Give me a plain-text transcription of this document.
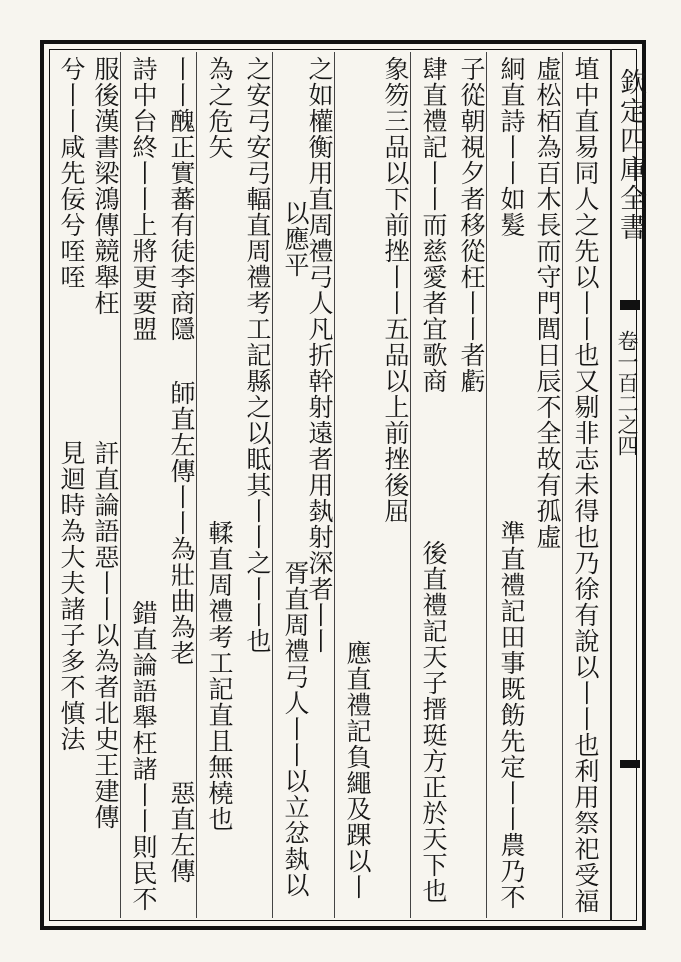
欽定四庫全書
卷一百二之四
埴中直易同人之先以丨丨也又剔非志未得也乃徐有說以丨丨也利用祭祀受福
虛松栢為百木長而守門閭日辰不全故有孤虛
絅直詩丨丨如髮
準直禮記田事既飭先定丨丨農乃不
子從朝視夕者移從枉丨丨者虧
肆直禮記丨丨而慈愛者宜歌商
後直禮記天子搢珽方正於天下也
象笏三品以下前挫丨丨五品以上前挫後屈
應直禮記負繩及踝以丨
之如權衡用直周禮弓人凡折幹射遠者用埶射深者丨丨
以應平
胥直周禮弓人丨丨以立忿埶以
之安弓安弓輻直周禮考工記縣之以眡其丨丨之丨丨也
為之危矢
輮直周禮考工記直且無橈也
惡直左傳
丨丨醜正實蕃有徒李商隱
詩中台終丨丨上將更要盟
師直左傳丨丨為壯曲為老
錯直論語舉枉諸丨丨則民不
服後漢書梁鴻傳競舉枉
兮丨丨咸先佞兮咥咥
訐直論語惡丨丨以為者北史王建傳
見迴時為大夫諸子多不慎法
